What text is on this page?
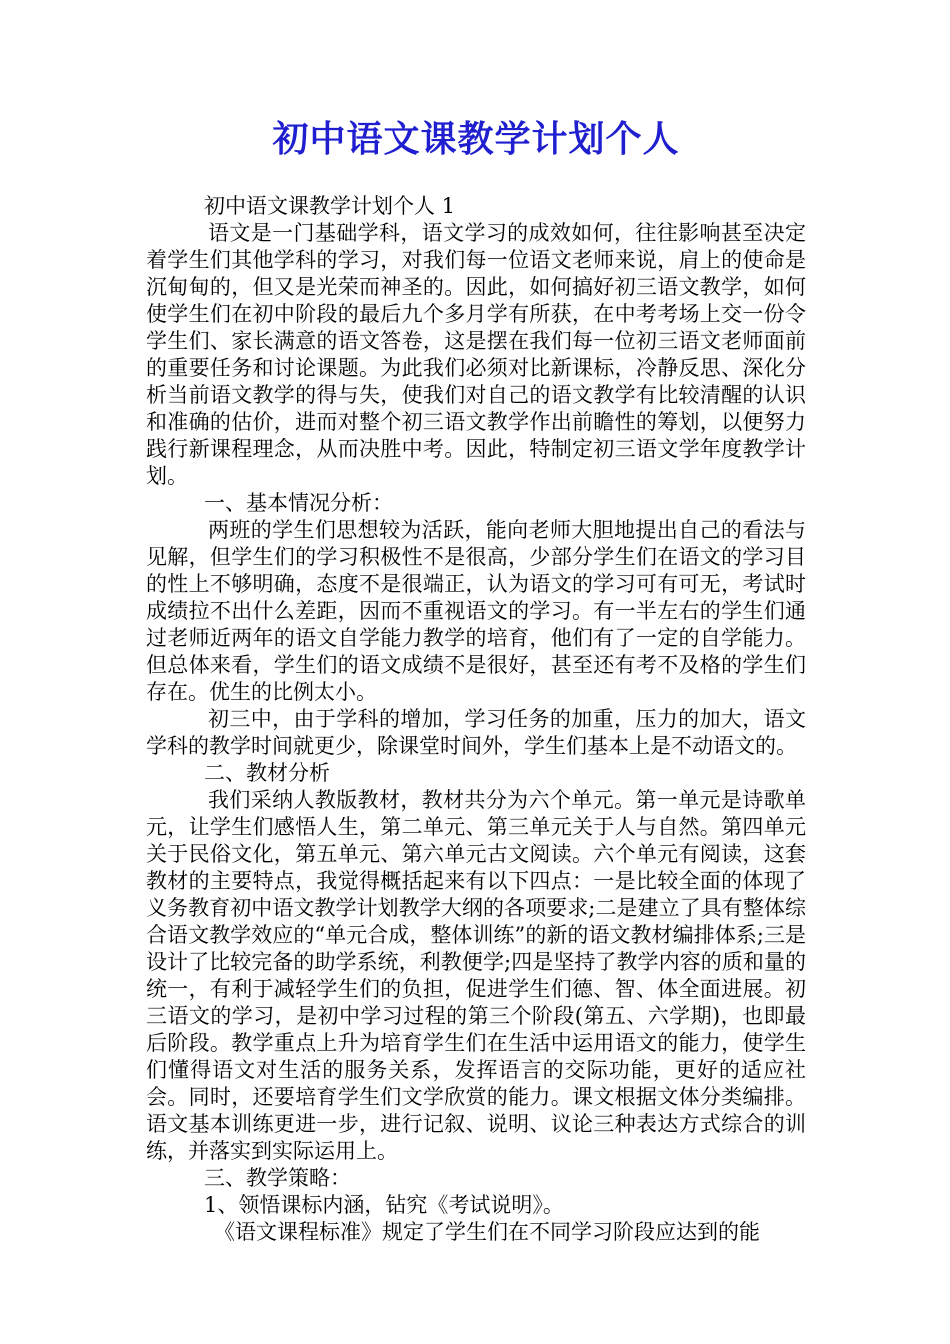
初中语文课教学计划个人

初中语文课教学计划个人 1

语文是一门基础学科，语文学习的成效如何，往往影响甚至决定着学生们其他学科的学习，对我们每一位语文老师来说，肩上的使命是沉甸甸的，但又是光荣而神圣的。因此，如何搞好初三语文教学，如何使学生们在初中阶段的最后九个多月学有所获，在中考考场上交一份令学生们、家长满意的语文答卷，这是摆在我们每一位初三语文老师面前的重要任务和讨论课题。为此我们必须对比新课标，冷静反思、深化分析当前语文教学的得与失，使我们对自己的语文教学有比较清醒的认识和准确的估价，进而对整个初三语文教学作出前瞻性的筹划，以便努力践行新课程理念，从而决胜中考。因此，特制定初三语文学年度教学计划。

一、基本情况分析：

两班的学生们思想较为活跃，能向老师大胆地提出自己的看法与见解，但学生们的学习积极性不是很高，少部分学生们在语文的学习目的性上不够明确，态度不是很端正，认为语文的学习可有可无，考试时成绩拉不出什么差距，因而不重视语文的学习。有一半左右的学生们通过老师近两年的语文自学能力教学的培育，他们有了一定的自学能力。但总体来看，学生们的语文成绩不是很好，甚至还有考不及格的学生们存在。优生的比例太小。

初三中，由于学科的增加，学习任务的加重，压力的加大，语文学科的教学时间就更少，除课堂时间外，学生们基本上是不动语文的。

二、教材分析

我们采纳人教版教材，教材共分为六个单元。第一单元是诗歌单元，让学生们感悟人生，第二单元、第三单元关于人与自然。第四单元关于民俗文化，第五单元、第六单元古文阅读。六个单元有阅读，这套教材的主要特点，我觉得概括起来有以下四点：一是比较全面的体现了义务教育初中语文教学计划教学大纲的各项要求;二是建立了具有整体综合语文教学效应的“单元合成，整体训练”的新的语文教材编排体系;三是设计了比较完备的助学系统，利教便学;四是坚持了教学内容的质和量的统一，有利于减轻学生们的负担，促进学生们德、智、体全面进展。初三语文的学习，是初中学习过程的第三个阶段(第五、六学期)，也即最后阶段。教学重点上升为培育学生们在生活中运用语文的能力，使学生们懂得语文对生活的服务关系，发挥语言的交际功能，更好的适应社会。同时，还要培育学生们文学欣赏的能力。课文根据文体分类编排。语文基本训练更进一步，进行记叙、说明、议论三种表达方式综合的训练，并落实到实际运用上。

三、教学策略：

1、领悟课标内涵，钻究《考试说明》。

《语文课程标准》规定了学生们在不同学习阶段应达到的能
